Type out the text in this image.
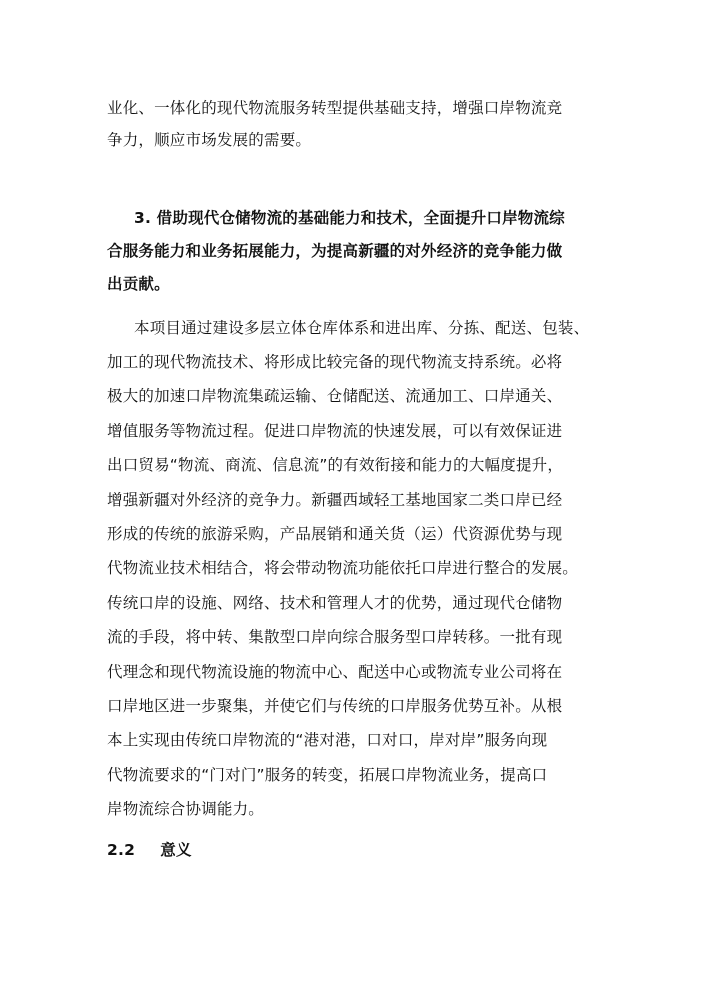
业化、一体化的现代物流服务转型提供基础支持，增强口岸物流竞
争力，顺应市场发展的需要。
3. 借助现代仓储物流的基础能力和技术，全面提升口岸物流综
合服务能力和业务拓展能力，为提高新疆的对外经济的竞争能力做
出贡献。
本项目通过建设多层立体仓库体系和进出库、分拣、配送、包装、
加工的现代物流技术、将形成比较完备的现代物流支持系统。必将
极大的加速口岸物流集疏运输、仓储配送、流通加工、口岸通关、
增值服务等物流过程。促进口岸物流的快速发展，可以有效保证进
出口贸易“物流、商流、信息流”的有效衔接和能力的大幅度提升，
增强新疆对外经济的竞争力。新疆西域轻工基地国家二类口岸已经
形成的传统的旅游采购，产品展销和通关货（运）代资源优势与现
代物流业技术相结合，将会带动物流功能依托口岸进行整合的发展。
传统口岸的设施、网络、技术和管理人才的优势，通过现代仓储物
流的手段，将中转、集散型口岸向综合服务型口岸转移。一批有现
代理念和现代物流设施的物流中心、配送中心或物流专业公司将在
口岸地区进一步聚集，并使它们与传统的口岸服务优势互补。从根
本上实现由传统口岸物流的“港对港，口对口，岸对岸”服务向现
代物流要求的“门对门”服务的转变，拓展口岸物流业务，提高口
岸物流综合协调能力。
2.2 意义
